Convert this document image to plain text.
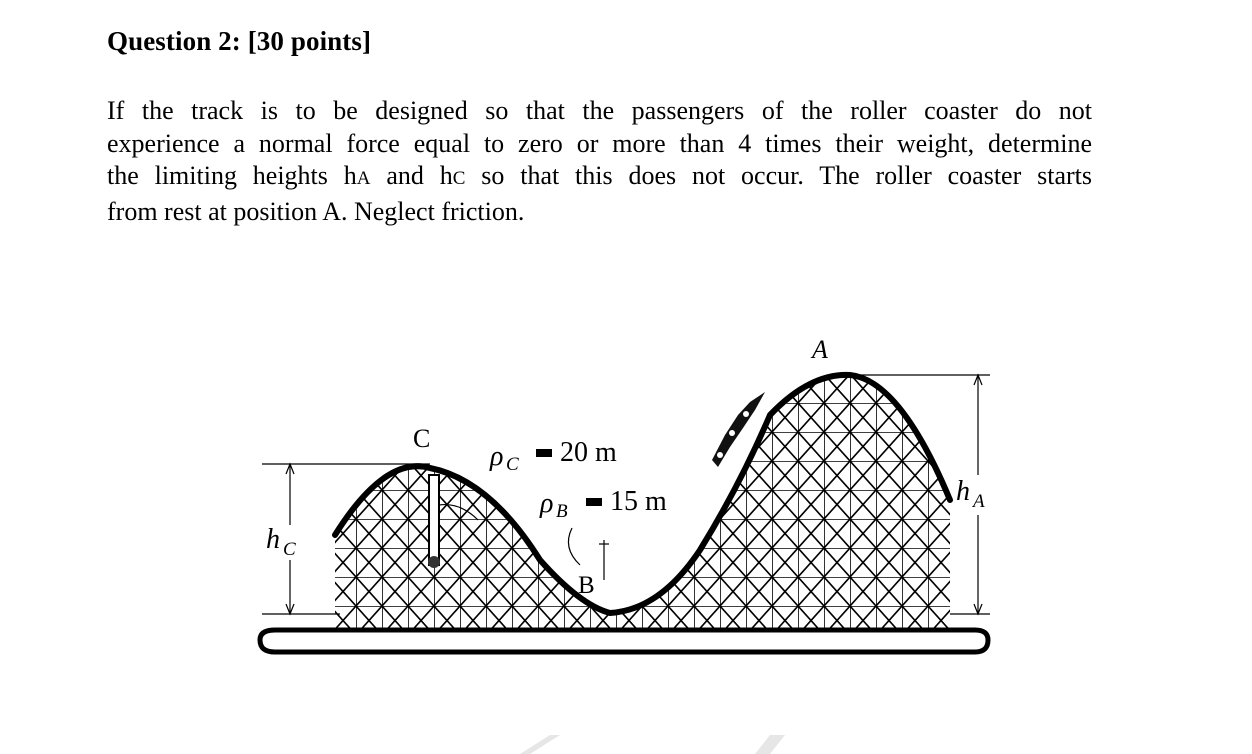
Question 2: [30 points]
If the track is to be designed so that the passengers of the roller coaster do not
experience a normal force equal to zero or more than 4 times their weight, determine
the limiting heights hA and hC so that this does not occur. The roller coaster starts
from rest at position A. Neglect friction.
A
C
B
ρ C 20 m
ρ B 15 m
h C
h A
